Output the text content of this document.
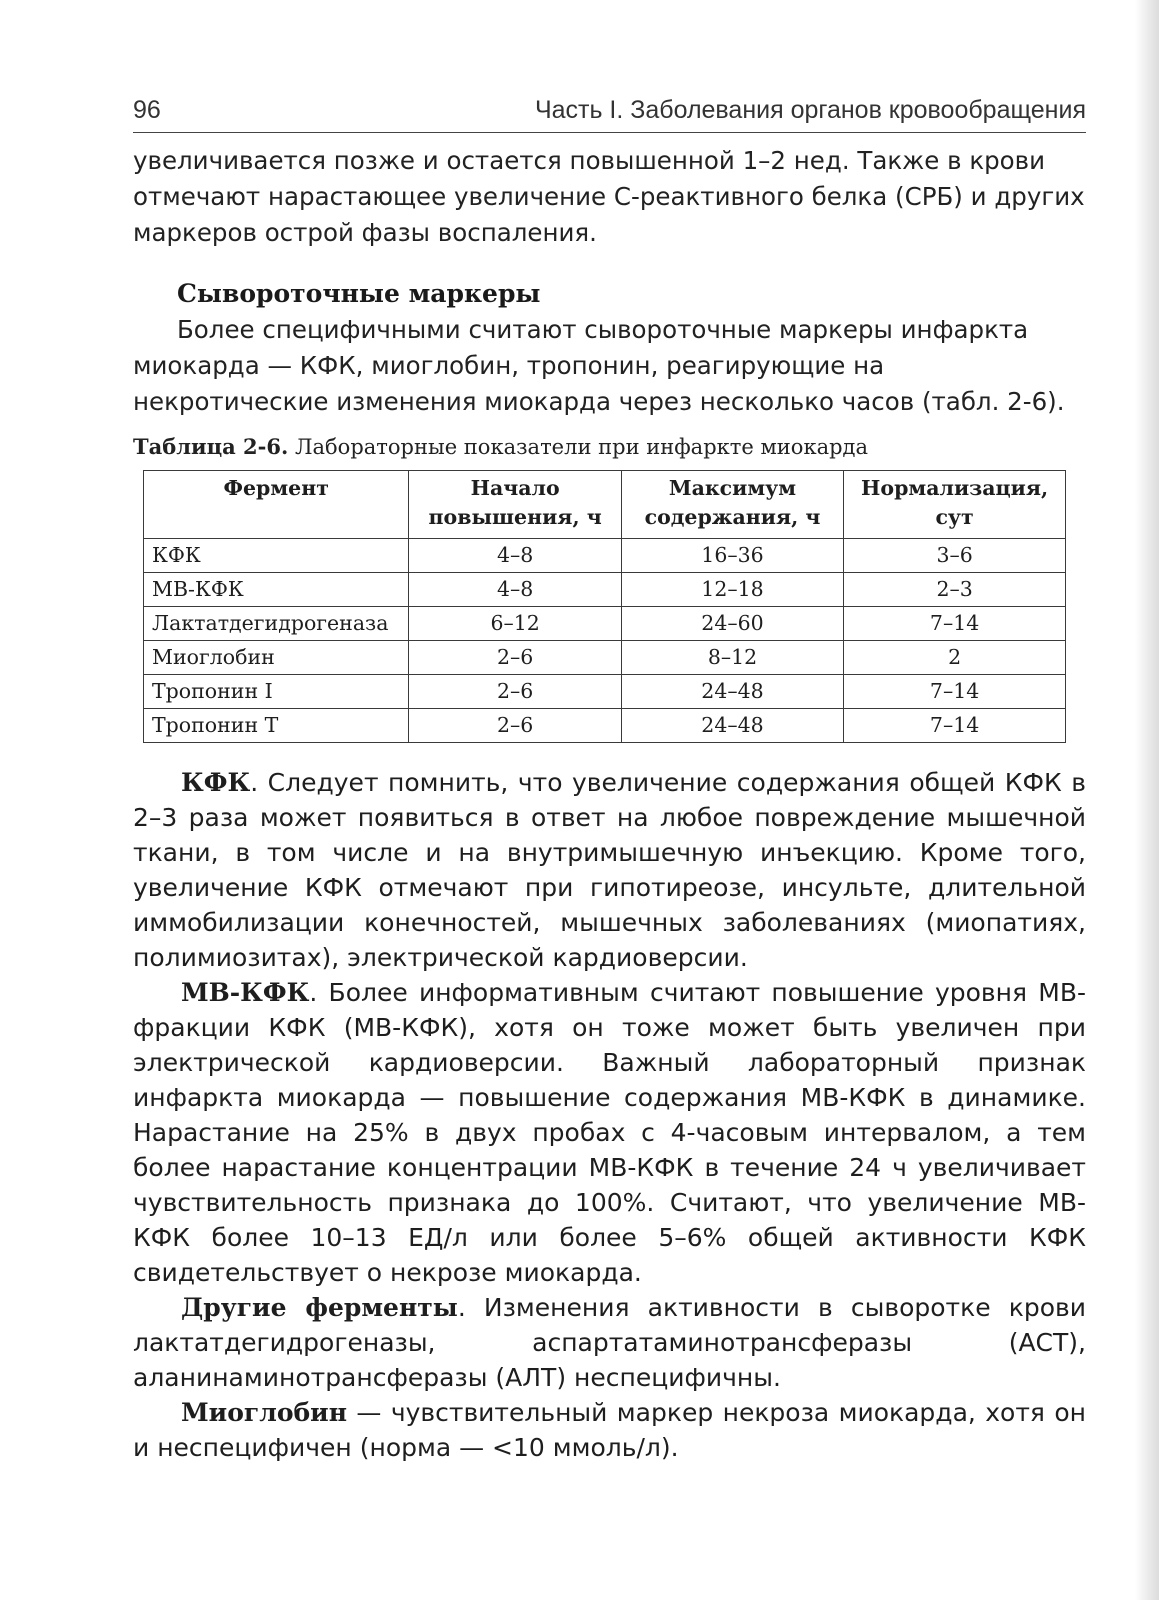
96	Часть I. Заболевания органов кровообращения

увеличивается позже и остается повышенной 1–2 нед. Также в крови отмечают нарастающее увеличение С-реактивного белка (СРБ) и других маркеров острой фазы воспаления.

Сывороточные маркеры

Более специфичными считают сывороточные маркеры инфаркта миокарда — КФК, миоглобин, тропонин, реагирующие на некротические изменения миокарда через несколько часов (табл. 2-6).

Таблица 2-6. Лабораторные показатели при инфаркте миокарда
Фермент	Начало повышения, ч	Максимум содержания, ч	Нормализация, сут
КФК	4–8	16–36	3–6
МВ-КФК	4–8	12–18	2–3
Лактатдегидрогеназа	6–12	24–60	7–14
Миоглобин	2–6	8–12	2
Тропонин I	2–6	24–48	7–14
Тропонин Т	2–6	24–48	7–14

КФК. Следует помнить, что увеличение содержания общей КФК в 2–3 раза может появиться в ответ на любое повреждение мышечной ткани, в том числе и на внутримышечную инъекцию. Кроме того, увеличение КФК отмечают при гипотиреозе, инсульте, длительной иммобилизации конечностей, мышечных заболеваниях (миопатиях, полимиозитах), электрической кардиоверсии.

МВ-КФК. Более информативным считают повышение уровня МВ-фракции КФК (МВ-КФК), хотя он тоже может быть увеличен при электрической кардиоверсии. Важный лабораторный признак инфаркта миокарда — повышение содержания МВ-КФК в динамике. Нарастание на 25% в двух пробах с 4-часовым интервалом, а тем более нарастание концентрации МВ-КФК в течение 24 ч увеличивает чувствительность признака до 100%. Считают, что увеличение МВ-КФК более 10–13 ЕД/л или более 5–6% общей активности КФК свидетельствует о некрозе миокарда.

Другие ферменты. Изменения активности в сыворотке крови лактатдегидрогеназы, аспартатаминотрансферазы (АСТ), аланинаминотрансферазы (АЛТ) неспецифичны.

Миоглобин — чувствительный маркер некроза миокарда, хотя он и неспецифичен (норма — <10 ммоль/л).
